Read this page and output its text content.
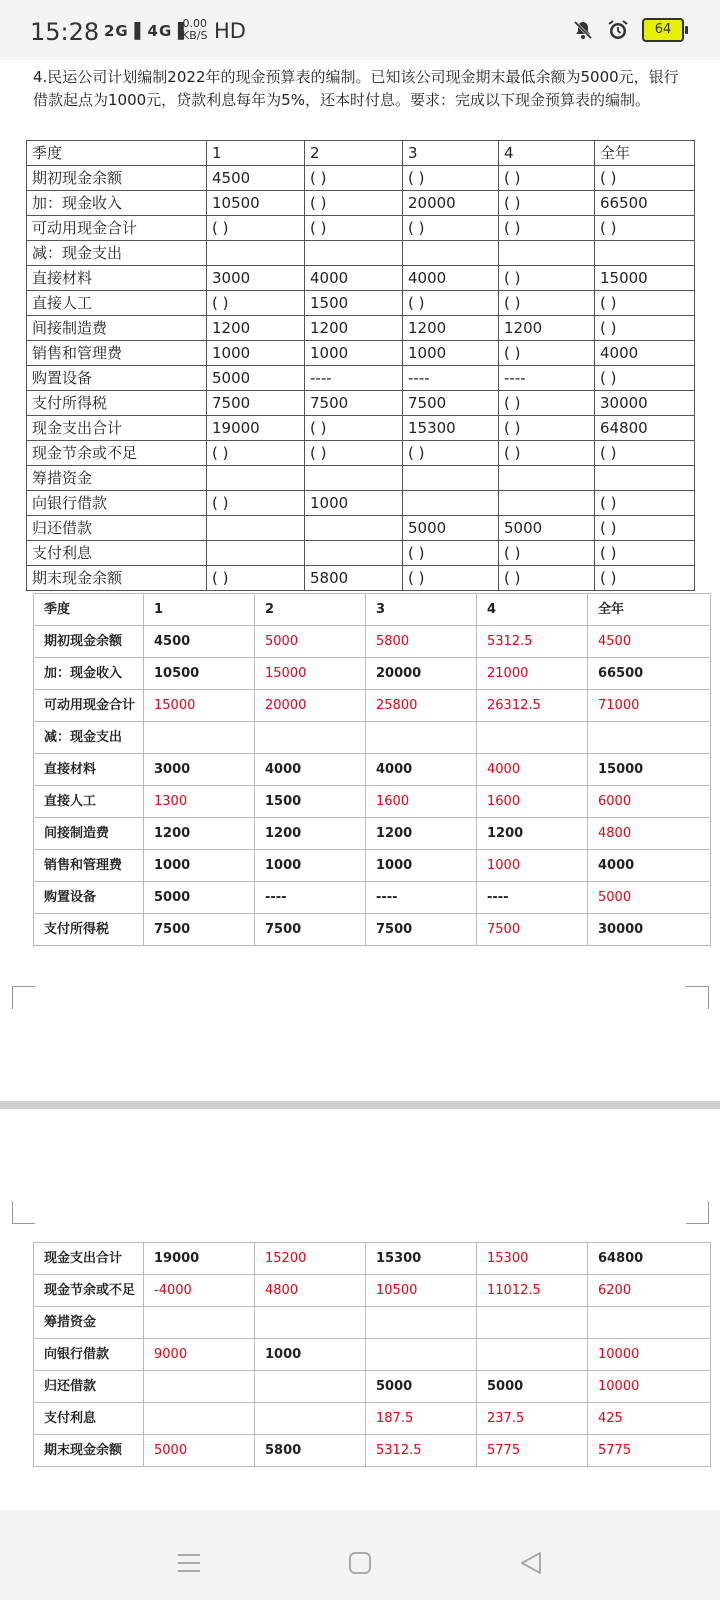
15:28 2G▐ 4G▐
0.00
KB/S HD	64
4.民运公司计划编制2022年的现金预算表的编制。已知该公司现金期末最低余额为5000元，银行借款起点为1000元，贷款利息每年为5%，还本时付息。要求：完成以下现金预算表的编制。
季度	1	2	3	4	全年
期初现金余额	4500	( )	( )	( )	( )
加：现金收入	10500	( )	20000	( )	66500
可动用现金合计	( )	( )	( )	( )	( )
减：现金支出					
直接材料	3000	4000	4000	( )	15000
直接人工	( )	1500	( )	( )	( )
间接制造费	1200	1200	1200	1200	( )
销售和管理费	1000	1000	1000	( )	4000
购置设备	5000	----	----	----	( )
支付所得税	7500	7500	7500	( )	30000
现金支出合计	19000	( )	15300	( )	64800
现金节余或不足	( )	( )	( )	( )	( )
筹措资金					
向银行借款	( )	1000			( )
归还借款			5000	5000	( )
支付利息			( )	( )	( )
期末现金余额	( )	5800	( )	( )	( )
季度	1	2	3	4	全年
期初现金余额	4500	5000	5800	5312.5	4500
加：现金收入	10500	15000	20000	21000	66500
可动用现金合计	15000	20000	25800	26312.5	71000
减：现金支出					
直接材料	3000	4000	4000	4000	15000
直接人工	1300	1500	1600	1600	6000
间接制造费	1200	1200	1200	1200	4800
销售和管理费	1000	1000	1000	1000	4000
购置设备	5000	----	----	----	5000
支付所得税	7500	7500	7500	7500	30000
现金支出合计	19000	15200	15300	15300	64800
现金节余或不足	-4000	4800	10500	11012.5	6200
筹措资金					
向银行借款	9000	1000			10000
归还借款			5000	5000	10000
支付利息			187.5	237.5	425
期末现金余额	5000	5800	5312.5	5775	5775
